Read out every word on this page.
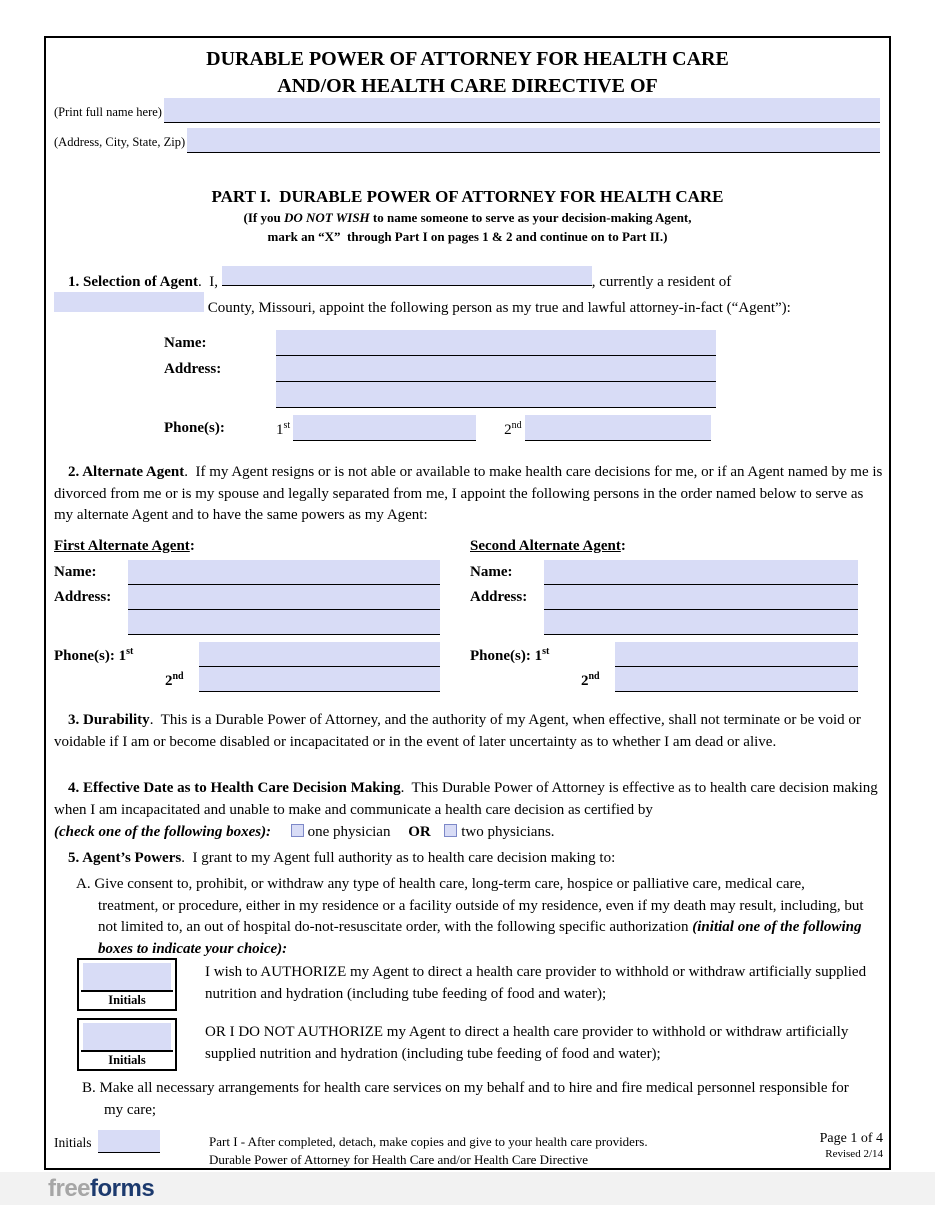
DURABLE POWER OF ATTORNEY FOR HEALTH CARE
AND/OR HEALTH CARE DIRECTIVE OF
(Print full name here)
(Address, City, State, Zip)
PART I.  DURABLE POWER OF ATTORNEY FOR HEALTH CARE
(If you DO NOT WISH to name someone to serve as your decision-making Agent,
mark an “X”  through Part I on pages 1 & 2 and continue on to Part II.)
1. Selection of Agent.  I,	, currently a resident of
County, Missouri, appoint the following person as my true and lawful attorney-in-fact (“Agent”):
Name:
Address:
Phone(s):	1st	2nd
2. Alternate Agent.  If my Agent resigns or is not able or available to make health care decisions for me, or if an Agent named by me is divorced from me or is my spouse and legally separated from me, I appoint the following persons in the order named below to serve as my alternate Agent and to have the same powers as my Agent:
First Alternate Agent:
Name:
Address:
Phone(s): 1st
2nd
Second Alternate Agent:
Name:
Address:
Phone(s): 1st
2nd
3. Durability.  This is a Durable Power of Attorney, and the authority of my Agent, when effective, shall not terminate or be void or voidable if I am or become disabled or incapacitated or in the event of later uncertainty as to whether I am dead or alive.
4. Effective Date as to Health Care Decision Making.  This Durable Power of Attorney is effective as to health care decision making when I am incapacitated and unable to make and communicate a health care decision as certified by
(check one of the following boxes): one physician OR two physicians.
5. Agent’s Powers.  I grant to my Agent full authority as to health care decision making to:
A. Give consent to, prohibit, or withdraw any type of health care, long-term care, hospice or palliative care, medical care, treatment, or procedure, either in my residence or a facility outside of my residence, even if my death may result, including, but not limited to, an out of hospital do-not-resuscitate order, with the following specific authorization (initial one of the following boxes to indicate your choice):
Initials
I wish to AUTHORIZE my Agent to direct a health care provider to withhold or withdraw artificially supplied nutrition and hydration (including tube feeding of food and water);
Initials
OR I DO NOT AUTHORIZE my Agent to direct a health care provider to withhold or withdraw artificially supplied nutrition and hydration (including tube feeding of food and water);
B. Make all necessary arrangements for health care services on my behalf and to hire and fire medical personnel responsible for my care;
Initials	Part I - After completed, detach, make copies and give to your health care providers.
Durable Power of Attorney for Health Care and/or Health Care Directive
Page 1 of 4
Revised 2/14
freeforms
